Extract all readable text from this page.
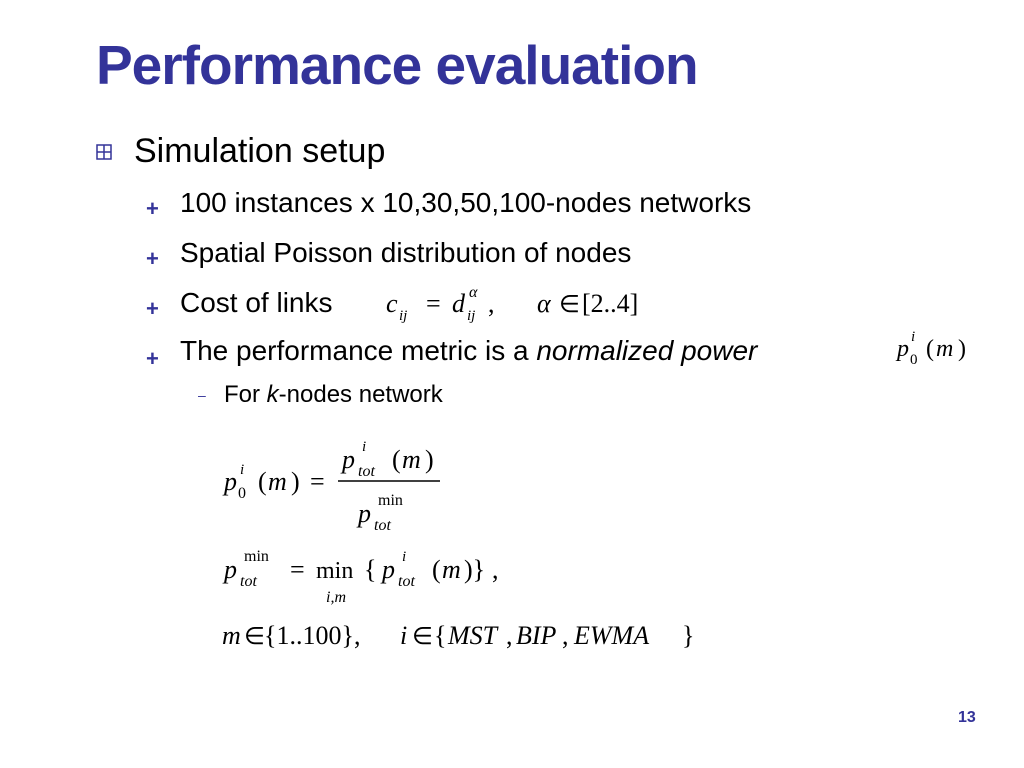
Performance evaluation
Simulation setup
+ 100 instances x 10,30,50,100-nodes networks
+ Spatial Poisson distribution of nodes
+ Cost of links c ij = d ij
α , α ∈ [2..4]
+ The performance metric is a normalized power	p i
0 ( m )
– For k-nodes network
p i
0 ( m ) =
p i
tot ( m )
p min
tot
p min
tot = min
i,m
{ p i
tot ( m )} ,
m ∈ {1..100}, i ∈ { MST , BIP , EWMA }
13
